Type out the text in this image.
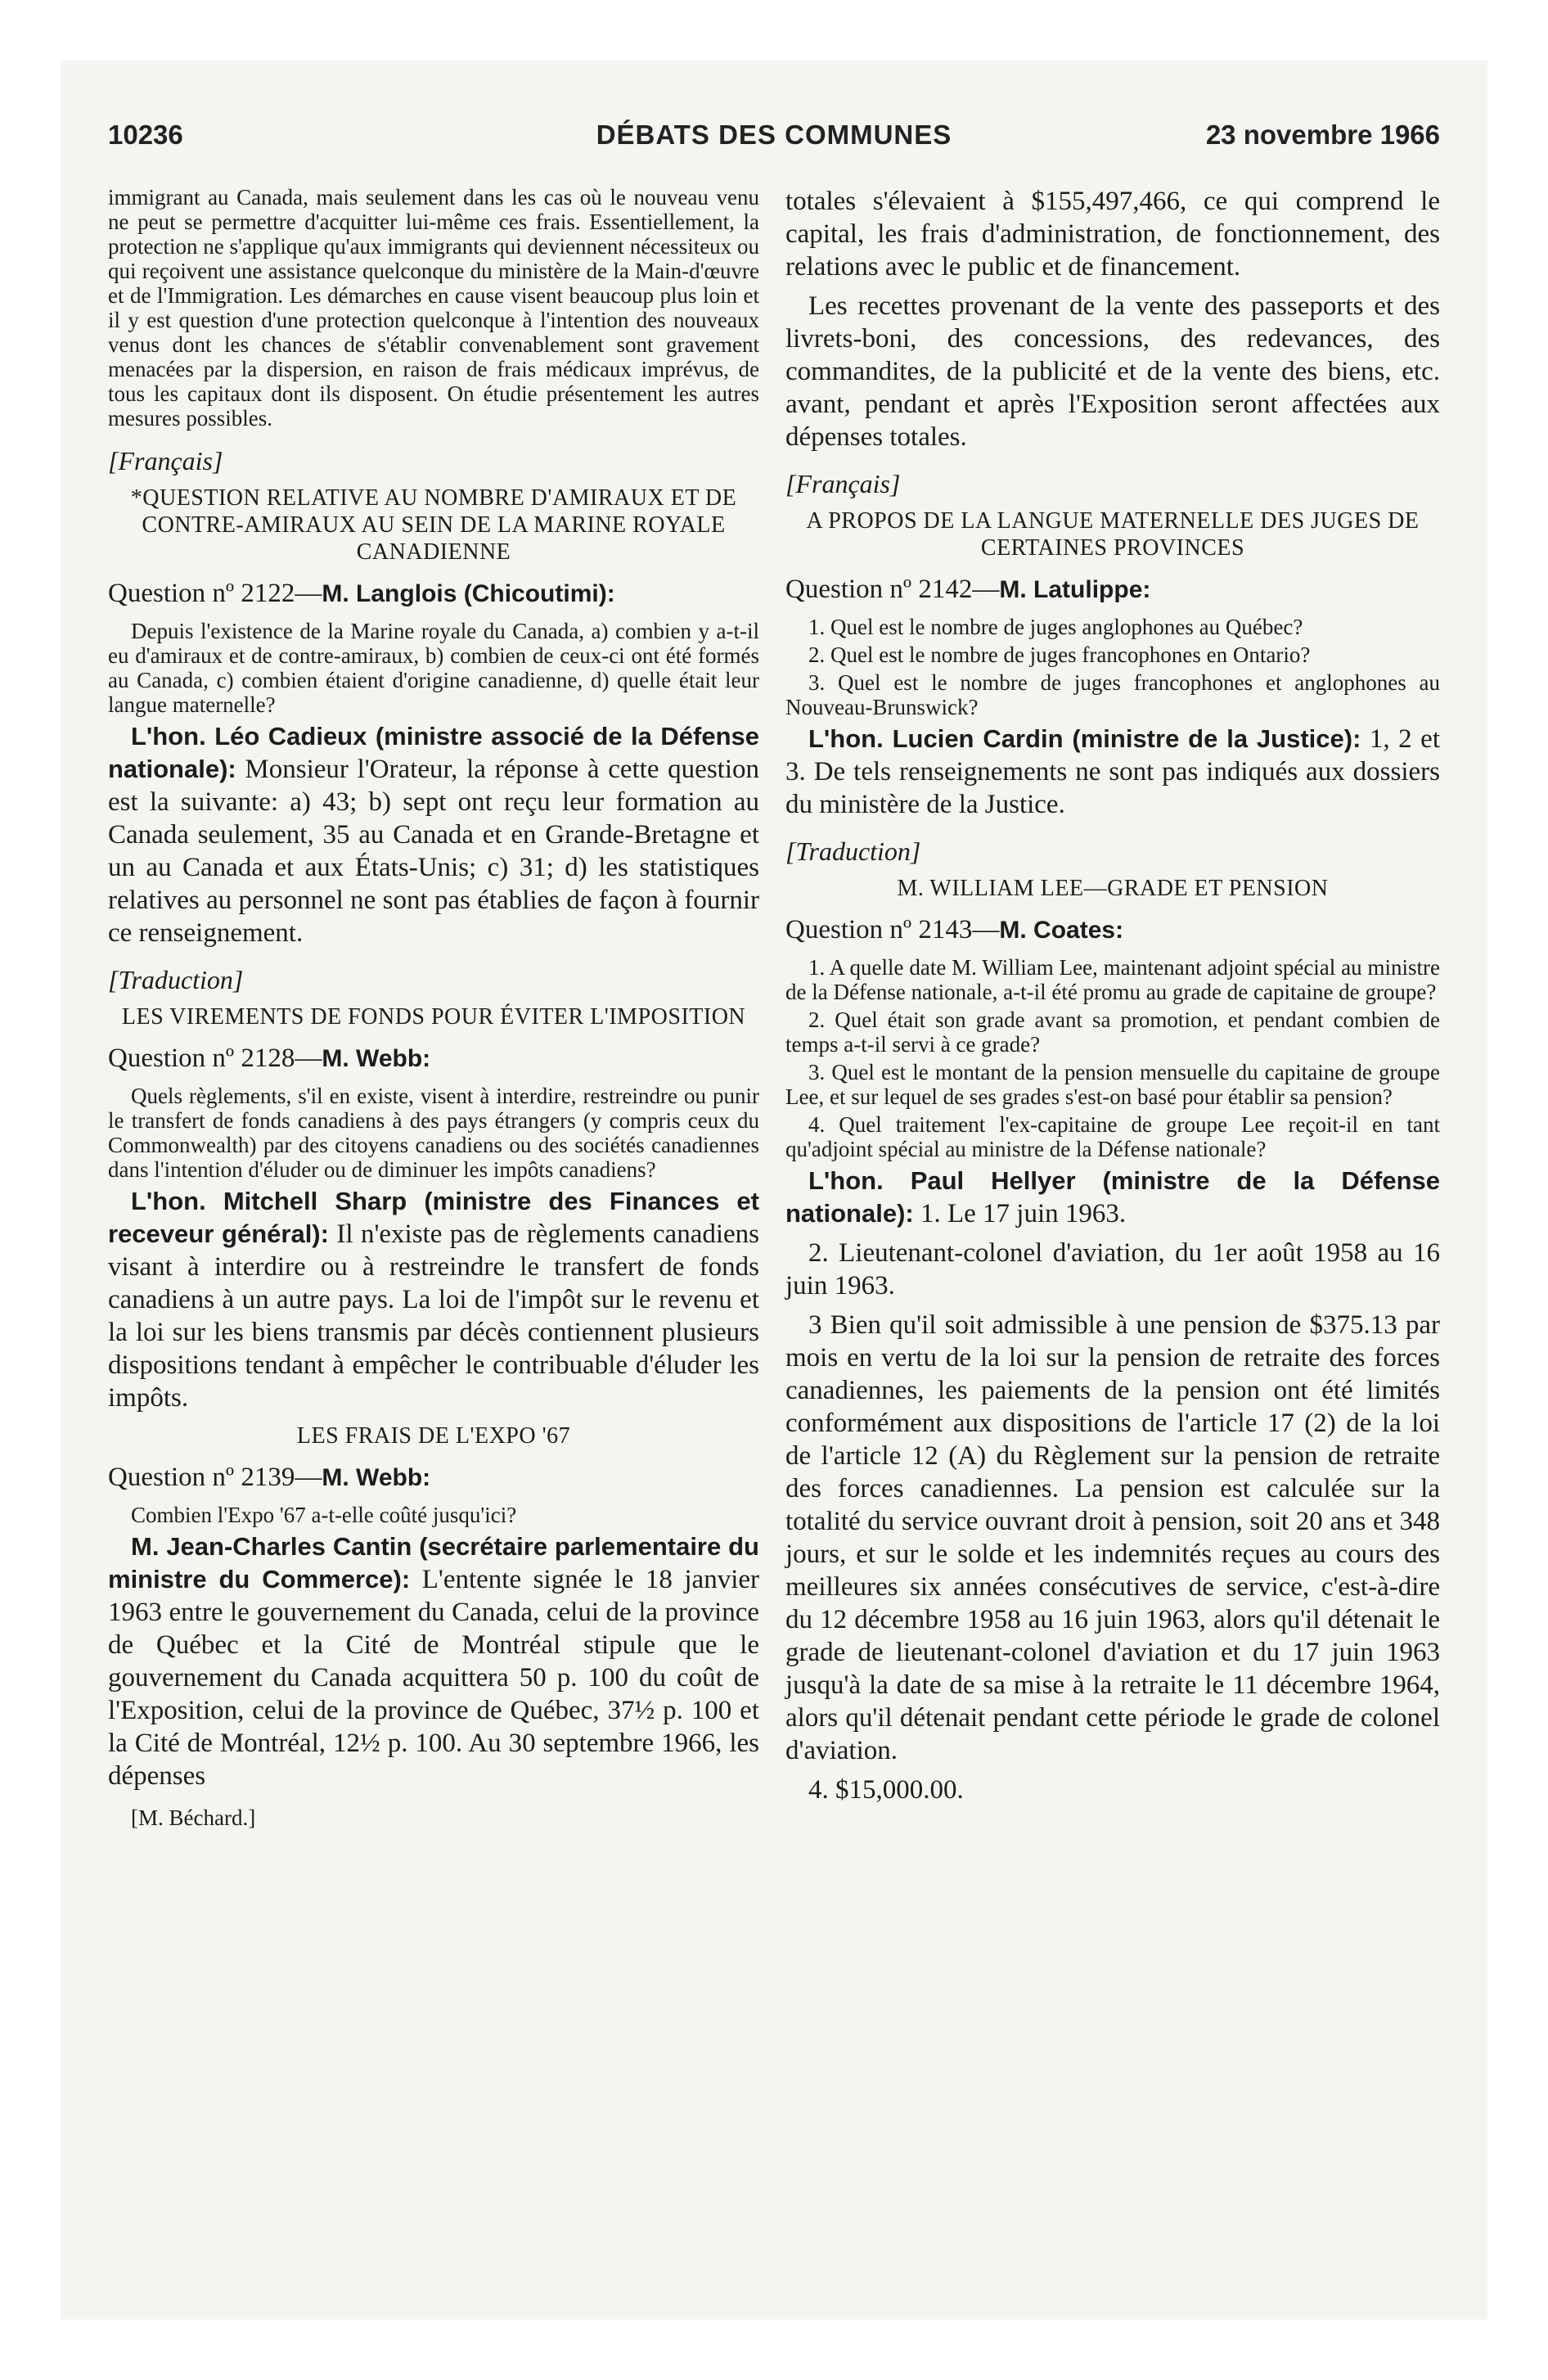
10236	DÉBATS DES COMMUNES	23 novembre 1966

immigrant au Canada, mais seulement dans les cas où le nouveau venu ne peut se permettre d'acquitter lui-même ces frais. Essentiellement, la protection ne s'applique qu'aux immigrants qui deviennent nécessiteux ou qui reçoivent une assistance quelconque du ministère de la Main-d'œuvre et de l'Immigration. Les démarches en cause visent beaucoup plus loin et il y est question d'une protection quelconque à l'intention des nouveaux venus dont les chances de s'établir convenablement sont gravement menacées par la dispersion, en raison de frais médicaux imprévus, de tous les capitaux dont ils disposent. On étudie présentement les autres mesures possibles.

[Français]

*QUESTION RELATIVE AU NOMBRE D'AMIRAUX ET DE CONTRE-AMIRAUX AU SEIN DE LA MARINE ROYALE CANADIENNE

Question nº 2122—M. Langlois (Chicoutimi):

Depuis l'existence de la Marine royale du Canada, a) combien y a-t-il eu d'amiraux et de contre-amiraux, b) combien de ceux-ci ont été formés au Canada, c) combien étaient d'origine canadienne, d) quelle était leur langue maternelle?

L'hon. Léo Cadieux (ministre associé de la Défense nationale): Monsieur l'Orateur, la réponse à cette question est la suivante: a) 43; b) sept ont reçu leur formation au Canada seulement, 35 au Canada et en Grande-Bretagne et un au Canada et aux États-Unis; c) 31; d) les statistiques relatives au personnel ne sont pas établies de façon à fournir ce renseignement.

[Traduction]

LES VIREMENTS DE FONDS POUR ÉVITER L'IMPOSITION

Question nº 2128—M. Webb:

Quels règlements, s'il en existe, visent à interdire, restreindre ou punir le transfert de fonds canadiens à des pays étrangers (y compris ceux du Commonwealth) par des citoyens canadiens ou des sociétés canadiennes dans l'intention d'éluder ou de diminuer les impôts canadiens?

L'hon. Mitchell Sharp (ministre des Finances et receveur général): Il n'existe pas de règlements canadiens visant à interdire ou à restreindre le transfert de fonds canadiens à un autre pays. La loi de l'impôt sur le revenu et la loi sur les biens transmis par décès contiennent plusieurs dispositions tendant à empêcher le contribuable d'éluder les impôts.

LES FRAIS DE L'EXPO '67

Question nº 2139—M. Webb:

Combien l'Expo '67 a-t-elle coûté jusqu'ici?

M. Jean-Charles Cantin (secrétaire parlementaire du ministre du Commerce): L'entente signée le 18 janvier 1963 entre le gouvernement du Canada, celui de la province de Québec et la Cité de Montréal stipule que le gouvernement du Canada acquittera 50 p. 100 du coût de l'Exposition, celui de la province de Québec, 37½ p. 100 et la Cité de Montréal, 12½ p. 100. Au 30 septembre 1966, les dépenses

[M. Béchard.]

totales s'élevaient à $155,497,466, ce qui comprend le capital, les frais d'administration, de fonctionnement, des relations avec le public et de financement.

Les recettes provenant de la vente des passeports et des livrets-boni, des concessions, des redevances, des commandites, de la publicité et de la vente des biens, etc. avant, pendant et après l'Exposition seront affectées aux dépenses totales.

[Français]

A PROPOS DE LA LANGUE MATERNELLE DES JUGES DE CERTAINES PROVINCES

Question nº 2142—M. Latulippe:

1. Quel est le nombre de juges anglophones au Québec?

2. Quel est le nombre de juges francophones en Ontario?

3. Quel est le nombre de juges francophones et anglophones au Nouveau-Brunswick?

L'hon. Lucien Cardin (ministre de la Justice): 1, 2 et 3. De tels renseignements ne sont pas indiqués aux dossiers du ministère de la Justice.

[Traduction]

M. WILLIAM LEE—GRADE ET PENSION

Question nº 2143—M. Coates:

1. A quelle date M. William Lee, maintenant adjoint spécial au ministre de la Défense nationale, a-t-il été promu au grade de capitaine de groupe?

2. Quel était son grade avant sa promotion, et pendant combien de temps a-t-il servi à ce grade?

3. Quel est le montant de la pension mensuelle du capitaine de groupe Lee, et sur lequel de ses grades s'est-on basé pour établir sa pension?

4. Quel traitement l'ex-capitaine de groupe Lee reçoit-il en tant qu'adjoint spécial au ministre de la Défense nationale?

L'hon. Paul Hellyer (ministre de la Défense nationale): 1. Le 17 juin 1963.

2. Lieutenant-colonel d'aviation, du 1er août 1958 au 16 juin 1963.

3 Bien qu'il soit admissible à une pension de $375.13 par mois en vertu de la loi sur la pension de retraite des forces canadiennes, les paiements de la pension ont été limités conformément aux dispositions de l'article 17 (2) de la loi de l'article 12 (A) du Règlement sur la pension de retraite des forces canadiennes. La pension est calculée sur la totalité du service ouvrant droit à pension, soit 20 ans et 348 jours, et sur le solde et les indemnités reçues au cours des meilleures six années consécutives de service, c'est-à-dire du 12 décembre 1958 au 16 juin 1963, alors qu'il détenait le grade de lieutenant-colonel d'aviation et du 17 juin 1963 jusqu'à la date de sa mise à la retraite le 11 décembre 1964, alors qu'il détenait pendant cette période le grade de colonel d'aviation.

4. $15,000.00.
